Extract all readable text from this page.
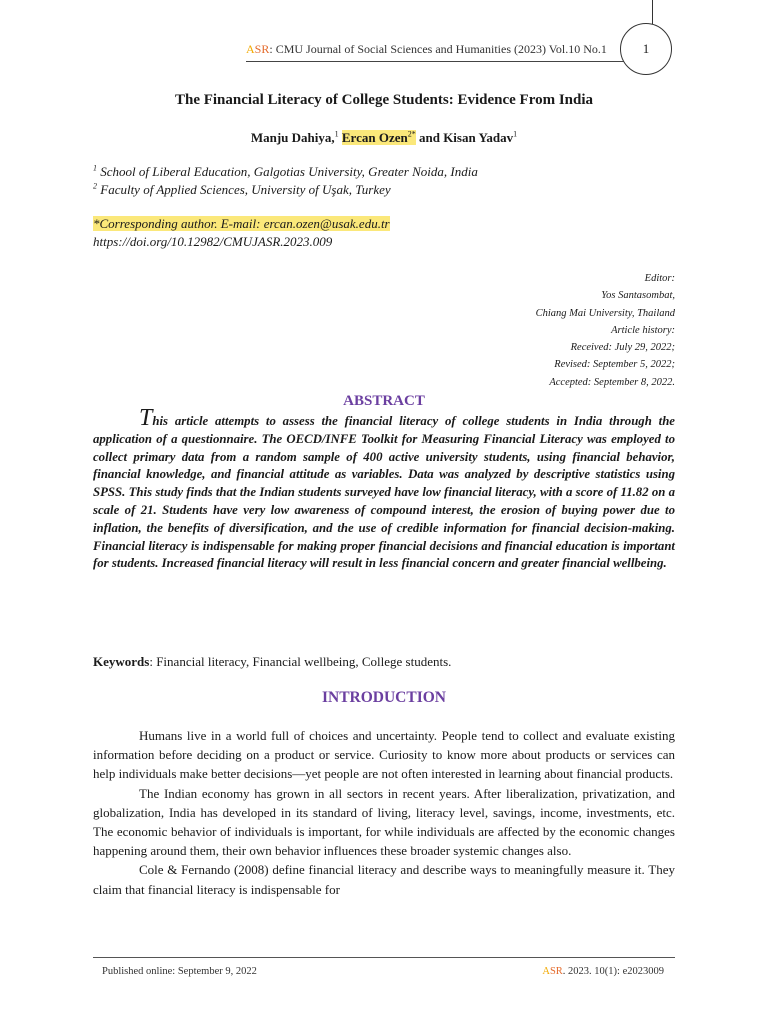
ASR: CMU Journal of Social Sciences and Humanities (2023) Vol.10 No.1	1
The Financial Literacy of College Students: Evidence From India
Manju Dahiya,$^1$ Ercan Ozen$^{2*}$ and Kisan Yadav$^1$
$^1$ School of Liberal Education, Galgotias University, Greater Noida, India
$^2$ Faculty of Applied Sciences, University of Uşak, Turkey
*Corresponding author. E-mail: ercan.ozen@usak.edu.tr
https://doi.org/10.12982/CMUJASR.2023.009
Editor:
Yos Santasombat,
Chiang Mai University, Thailand
Article history:
Received: July 29, 2022;
Revised: September 5, 2022;
Accepted: September 8, 2022.
ABSTRACT
This article attempts to assess the financial literacy of college students in India through the application of a questionnaire. The OECD/INFE Toolkit for Measuring Financial Literacy was employed to collect primary data from a random sample of 400 active university students, using financial behavior, financial knowledge, and financial attitude as variables. Data was analyzed by descriptive statistics using SPSS. This study finds that the Indian students surveyed have low financial literacy, with a score of 11.82 on a scale of 21. Students have very low awareness of compound interest, the erosion of buying power due to inflation, the benefits of diversification, and the use of credible information for financial decision-making. Financial literacy is indispensable for making proper financial decisions and financial education is important for students. Increased financial literacy will result in less financial concern and greater financial wellbeing.
Keywords: Financial literacy, Financial wellbeing, College students.
INTRODUCTION

Humans live in a world full of choices and uncertainty. People tend to collect and evaluate existing information before deciding on a product or service. Curiosity to know more about products or services can help individuals make better decisions—yet people are not often interested in learning about financial products.

The Indian economy has grown in all sectors in recent years. After liberalization, privatization, and globalization, India has developed in its standard of living, literacy level, savings, income, investments, etc. The economic behavior of individuals is important, for while individuals are affected by the economic changes happening around them, their own behavior influences these broader systemic changes also.

Cole & Fernando (2008) define financial literacy and describe ways to meaningfully measure it. They claim that financial literacy is indispensable for

Published online: September 9, 2022	ASR. 2023. 10(1): e2023009
